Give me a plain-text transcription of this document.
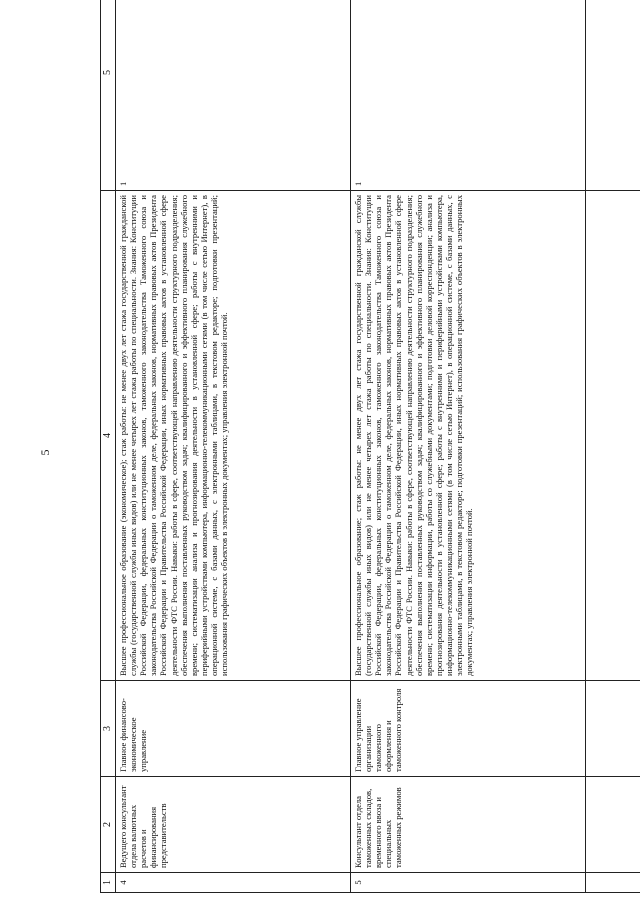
5
1	2	3	4	5	
4	Ведущего консультант отдела валютных расчетов и финансирования представительств	Главное финансово-экономическое управление	Высшее профессиональное образование (экономическое); стаж работы: не менее двух лет стажа государственной гражданской службы (государственной службы иных видов) или не менее четырех лет стажа работы по специальности. Знания: Конституции Российской Федерации, федеральных конституционных законов, таможенного законодательства Таможенного союза и законодательства Российской Федерации о таможенном деле, федеральных законов, нормативных правовых актов Президента Российской Федерации и Правительства Российской Федерации, иных нормативных правовых актов в установленной сфере деятельности ФТС России. Навыки: работы в сфере, соответствующей направлению деятельности структурного подразделения; обеспечения выполнения поставленных руководством задач; квалифицированного и эффективного планирования служебного времени; систематизации анализа и прогнозирования деятельности в установленной сфере; работы с внутренними и периферийными устройствами компьютера, информационно-телекоммуникационными сетями (в том числе сетью Интернет), в операционной системе, с базами данных, с электронными таблицами, в текстовом редакторе; подготовки презентаций; использования графических объектов в электронных документах; управления электронной почтой.	1	
5	Консультант отдела таможенных складов, временного ввоза и специальных таможенных режимов	Главное управление организации таможенного оформления и таможенного контроля	Высшее профессиональное образование; стаж работы: не менее двух лет стажа государственной гражданской службы (государственной службы иных видов) или не менее четырех лет стажа работы по специальности. Знания: Конституции Российской Федерации, федеральных конституционных законов, таможенного законодательства Таможенного союза и законодательства Российской Федерации о таможенном деле, федеральных законов, нормативных правовых актов Президента Российской Федерации и Правительства Российской Федерации, иных нормативных правовых актов в установленной сфере деятельности ФТС России. Навыки: работы в сфере, соответствующей направлению деятельности структурного подразделения; обеспечения выполнения поставленных руководством задач; квалифицированного и эффективного планирования служебного времени; систематизации информации, работы со служебными документами; подготовки деловой корреспонденции; анализа и прогнозирования деятельности в установленной сфере; работы с внутренними и периферийными устройствами компьютера, информационно-телекоммуникационными сетями (в том числе сетью Интернет), в операционной системе, с базами данных, с электронными таблицами, в текстовом редакторе; подготовки презентаций; использования графических объектов в электронных документах; управления электронной почтой.	1	
